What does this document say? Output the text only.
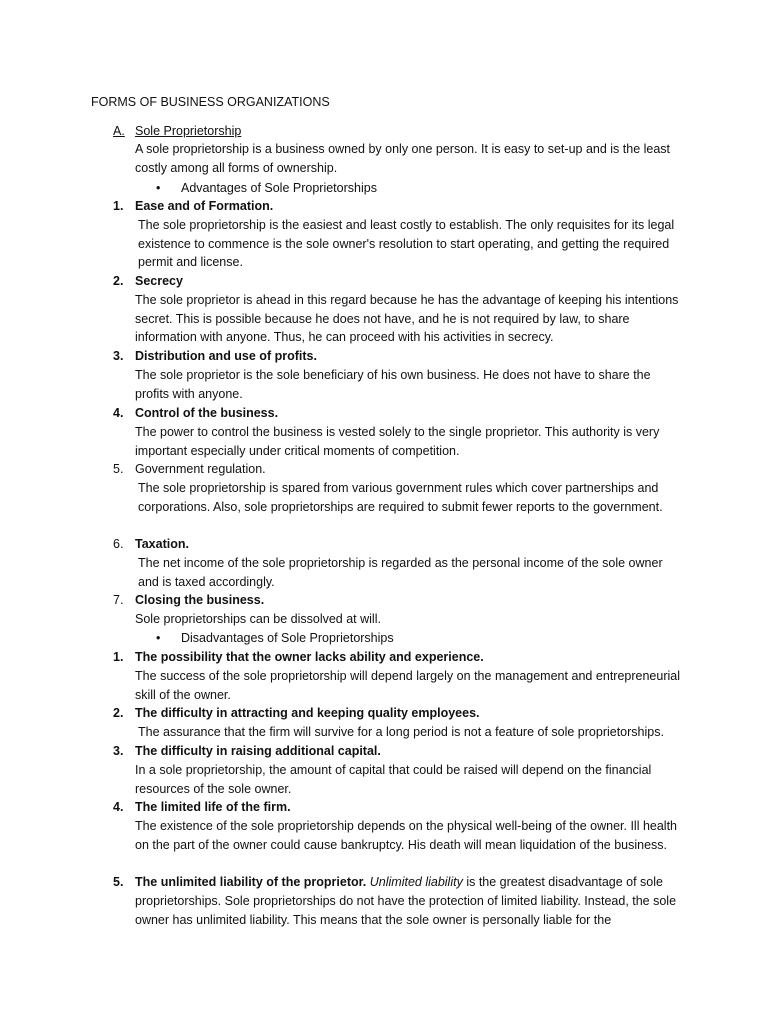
FORMS OF BUSINESS ORGANIZATIONS
A. Sole Proprietorship
A sole proprietorship is a business owned by only one person. It is easy to set-up and is the least costly among all forms of ownership.
• Advantages of Sole Proprietorships
1. Ease and of Formation.
The sole proprietorship is the easiest and least costly to establish. The only requisites for its legal existence to commence is the sole owner's resolution to start operating, and getting the required permit and license.
2. Secrecy
The sole proprietor is ahead in this regard because he has the advantage of keeping his intentions secret. This is possible because he does not have, and he is not required by law, to share information with anyone. Thus, he can proceed with his activities in secrecy.
3. Distribution and use of profits.
The sole proprietor is the sole beneficiary of his own business. He does not have to share the profits with anyone.
4. Control of the business.
The power to control the business is vested solely to the single proprietor. This authority is very important especially under critical moments of competition.
5. Government regulation.
The sole proprietorship is spared from various government rules which cover partnerships and corporations. Also, sole proprietorships are required to submit fewer reports to the government.
6. Taxation.
The net income of the sole proprietorship is regarded as the personal income of the sole owner and is taxed accordingly.
7. Closing the business.
Sole proprietorships can be dissolved at will.
• Disadvantages of Sole Proprietorships
1. The possibility that the owner lacks ability and experience.
The success of the sole proprietorship will depend largely on the management and entrepreneurial skill of the owner.
2. The difficulty in attracting and keeping quality employees.
The assurance that the firm will survive for a long period is not a feature of sole proprietorships.
3. The difficulty in raising additional capital.
In a sole proprietorship, the amount of capital that could be raised will depend on the financial resources of the sole owner.
4. The limited life of the firm.
The existence of the sole proprietorship depends on the physical well-being of the owner. Ill health on the part of the owner could cause bankruptcy. His death will mean liquidation of the business.
5. The unlimited liability of the proprietor. Unlimited liability is the greatest disadvantage of sole proprietorships. Sole proprietorships do not have the protection of limited liability. Instead, the sole owner has unlimited liability. This means that the sole owner is personally liable for the
